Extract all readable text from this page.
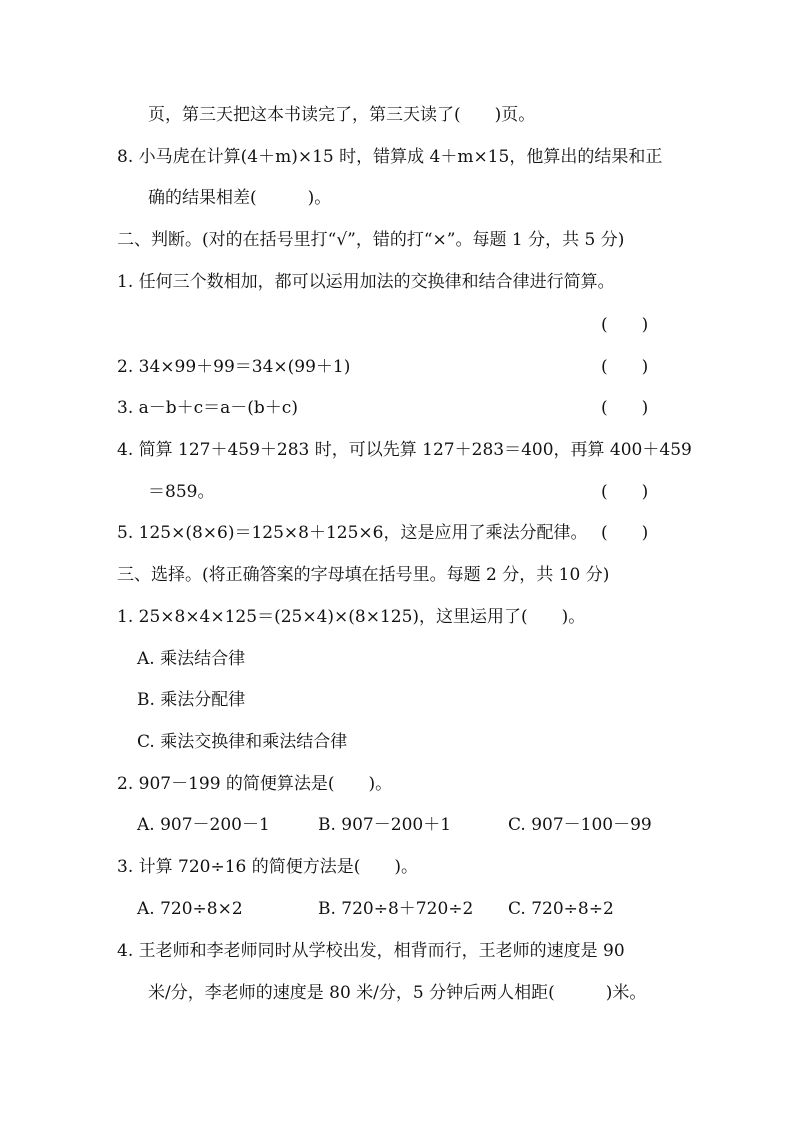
页，第三天把这本书读完了，第三天读了(　　)页。
8. 小马虎在计算(4＋m)×15 时，错算成 4＋m×15，他算出的结果和正
确的结果相差(　　　)。
二、判断。(对的在括号里打“√”，错的打“×”。每题 1 分，共 5 分)
1. 任何三个数相加，都可以运用加法的交换律和结合律进行简算。
(　　)
2. 34×99＋99＝34×(99＋1)	(　　)
3. a－b＋c＝a－(b＋c)	(　　)
4. 简算 127＋459＋283 时，可以先算 127＋283＝400，再算 400＋459
＝859。	(　　)
5. 125×(8×6)＝125×8＋125×6，这是应用了乘法分配律。 (　　)
三、选择。(将正确答案的字母填在括号里。每题 2 分，共 10 分)
1. 25×8×4×125＝(25×4)×(8×125)，这里运用了(　　)。
A. 乘法结合律
B. 乘法分配律
C. 乘法交换律和乘法结合律
2. 907－199 的简便算法是(　　)。
A. 907－200－1	B. 907－200＋1	C. 907－100－99
3. 计算 720÷16 的简便方法是(　　)。
A. 720÷8×2	B. 720÷8＋720÷2 C. 720÷8÷2
4. 王老师和李老师同时从学校出发，相背而行，王老师的速度是 90
米/分，李老师的速度是 80 米/分，5 分钟后两人相距(　　　)米。
